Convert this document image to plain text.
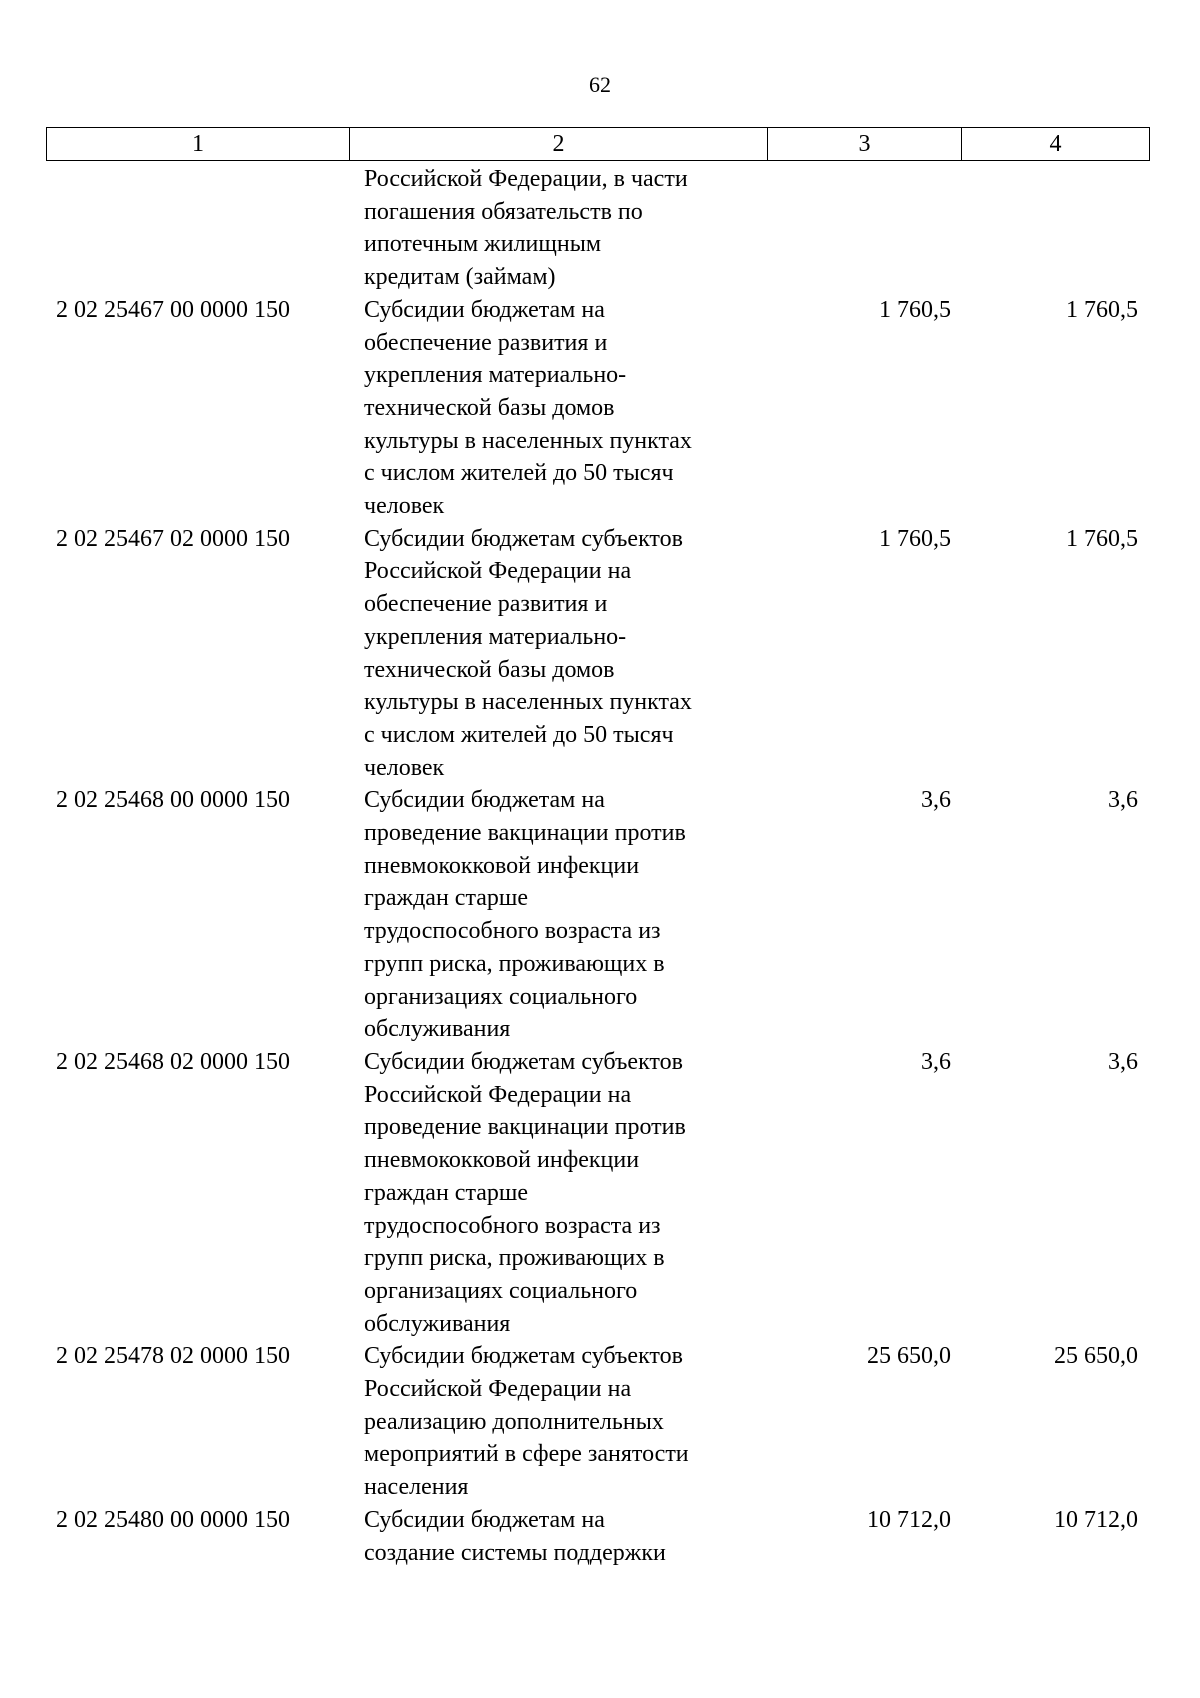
62
1	2	3	4
Российской Федерации, в части
погашения обязательств по
ипотечным жилищным
кредитам (займам)
2 02 25467 00 0000 150	Субсидии бюджетам на
обеспечение развития и
укрепления материально-
технической базы домов
культуры в населенных пунктах
с числом жителей до 50 тысяч
человек
1 760,5	1 760,5
2 02 25467 02 0000 150	Субсидии бюджетам субъектов
Российской Федерации на
обеспечение развития и
укрепления материально-
технической базы домов
культуры в населенных пунктах
с числом жителей до 50 тысяч
человек
1 760,5	1 760,5
2 02 25468 00 0000 150	Субсидии бюджетам на
проведение вакцинации против
пневмококковой инфекции
граждан старше
трудоспособного возраста из
групп риска, проживающих в
организациях социального
обслуживания
3,6	3,6
2 02 25468 02 0000 150	Субсидии бюджетам субъектов
Российской Федерации на
проведение вакцинации против
пневмококковой инфекции
граждан старше
трудоспособного возраста из
групп риска, проживающих в
организациях социального
обслуживания
3,6	3,6
2 02 25478 02 0000 150	Субсидии бюджетам субъектов
Российской Федерации на
реализацию дополнительных
мероприятий в сфере занятости
населения
25 650,0	25 650,0
2 02 25480 00 0000 150	Субсидии бюджетам на
создание системы поддержки
10 712,0	10 712,0
